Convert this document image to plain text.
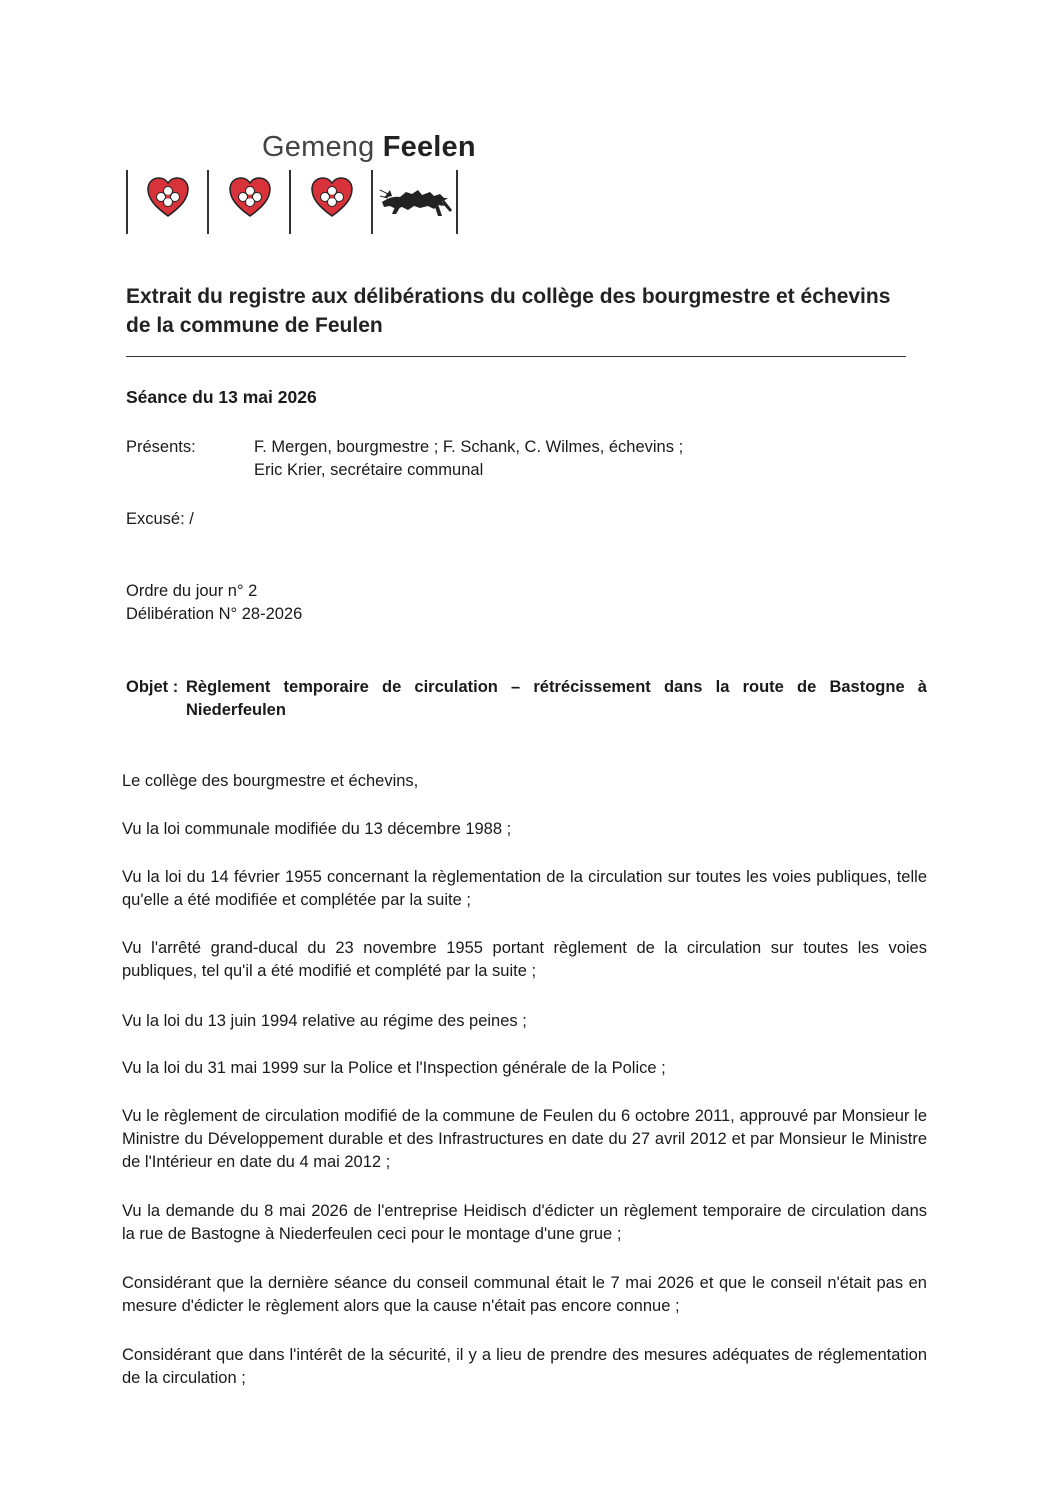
Gemeng Feelen
Extrait du registre aux délibérations du collège des bourgmestre et échevins
de la commune de Feulen
Séance du 13 mai 2026
Présents:	F. Mergen, bourgmestre ; F. Schank, C. Wilmes, échevins ;
Eric Krier, secrétaire communal
Excusé: /
Ordre du jour n° 2
Délibération N° 28-2026
Objet : Règlement temporaire de circulation – rétrécissement dans la route de Bastogne à Niederfeulen
Le collège des bourgmestre et échevins,
Vu la loi communale modifiée du 13 décembre 1988 ;
Vu la loi du 14 février 1955 concernant la règlementation de la circulation sur toutes les voies publiques, telle qu'elle a été modifiée et complétée par la suite ;
Vu l'arrêté grand-ducal du 23 novembre 1955 portant règlement de la circulation sur toutes les voies publiques, tel qu'il a été modifié et complété par la suite ;
Vu la loi du 13 juin 1994 relative au régime des peines ;
Vu la loi du 31 mai 1999 sur la Police et l'Inspection générale de la Police ;
Vu le règlement de circulation modifié de la commune de Feulen du 6 octobre 2011, approuvé par Monsieur le Ministre du Développement durable et des Infrastructures en date du 27 avril 2012 et par Monsieur le Ministre de l'Intérieur en date du 4 mai 2012 ;
Vu la demande du 8 mai 2026 de l'entreprise Heidisch d'édicter un règlement temporaire de circulation dans la rue de Bastogne à Niederfeulen ceci pour le montage d'une grue ;
Considérant que la dernière séance du conseil communal était le 7 mai 2026 et que le conseil n'était pas en mesure d'édicter le règlement alors que la cause n'était pas encore connue ;
Considérant que dans l'intérêt de la sécurité, il y a lieu de prendre des mesures adéquates de réglementation de la circulation ;
